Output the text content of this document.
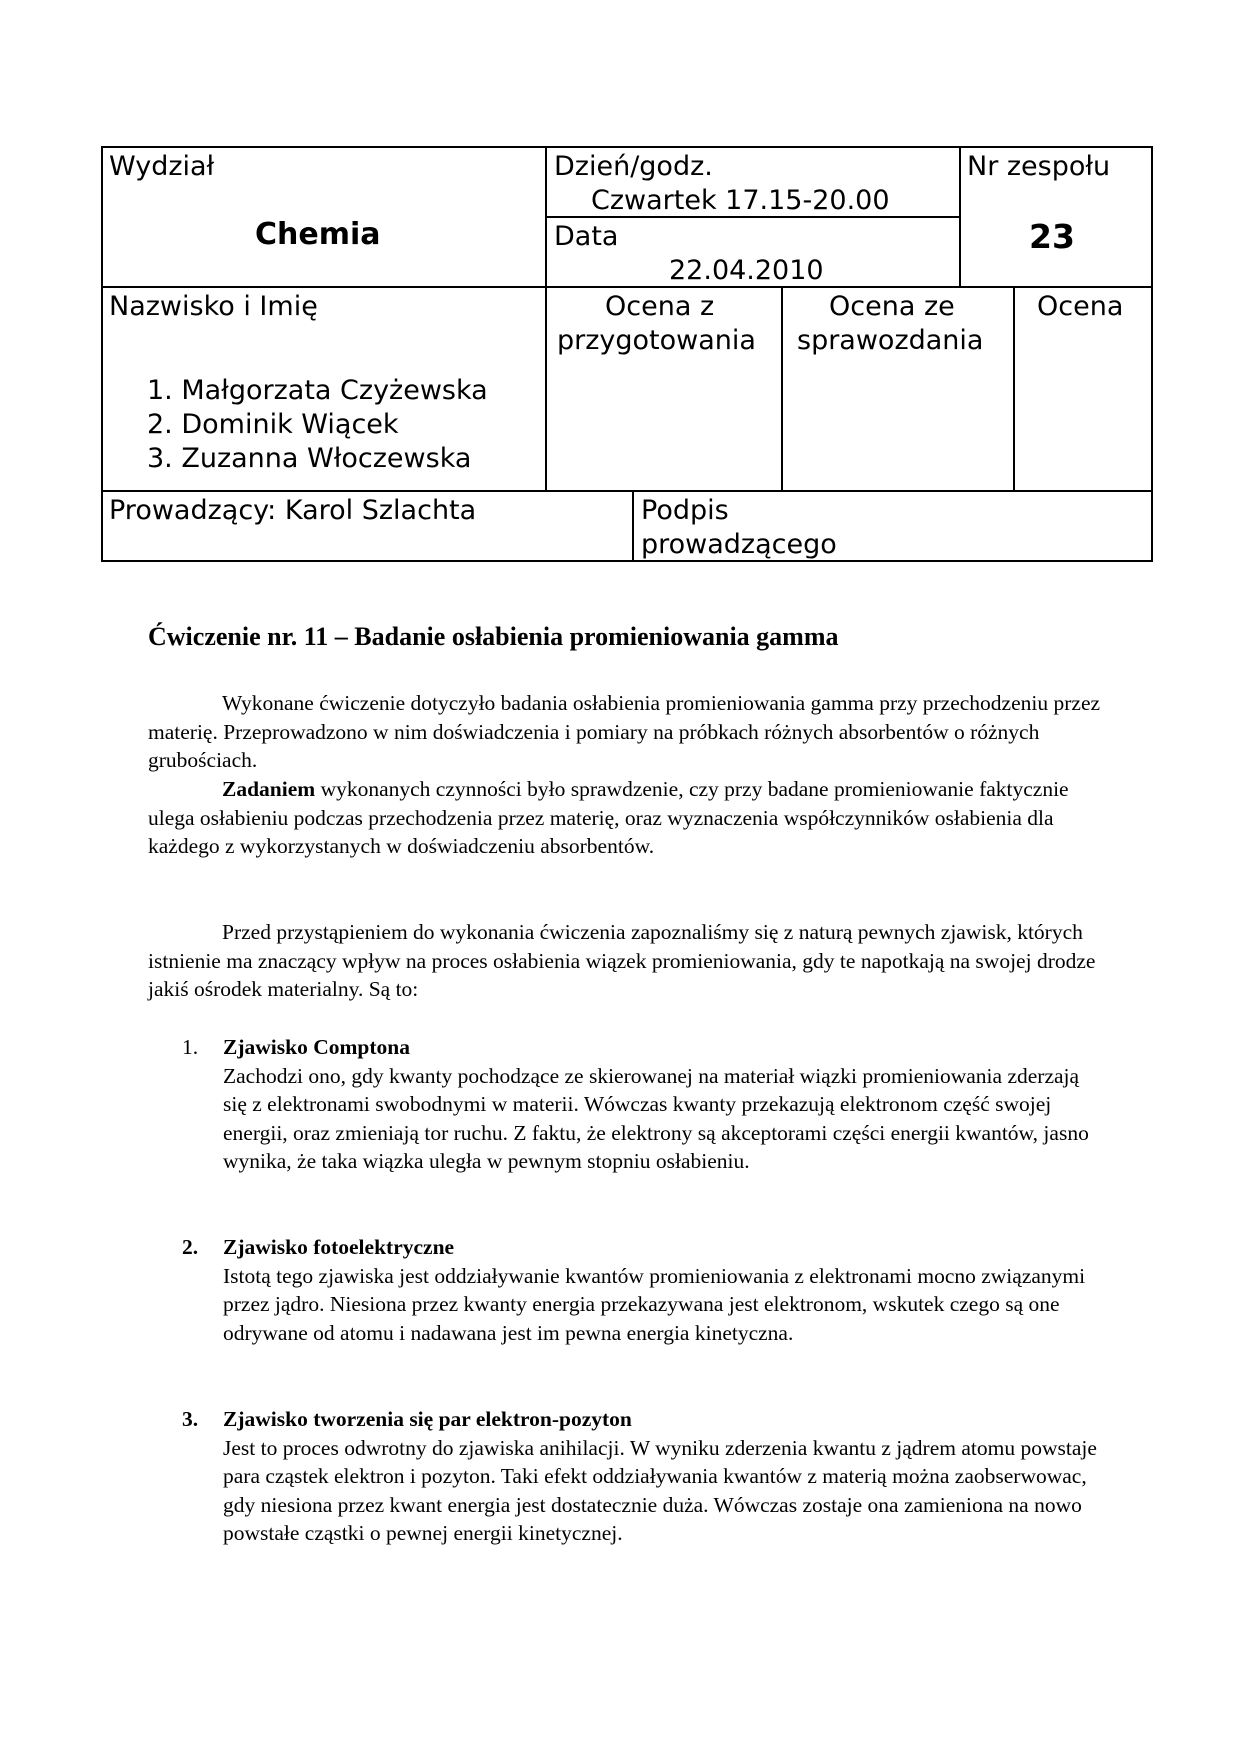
Wydział
Chemia
Dzień/godz.
Czwartek 17.15-20.00
Data
22.04.2010
Nr zespołu
23
Nazwisko i Imię
1. Małgorzata Czyżewska
2. Dominik Wiącek
3. Zuzanna Włoczewska
Ocena z
przygotowania
Ocena ze
sprawozdania
Ocena
Prowadzący: Karol Szlachta	Podpis
prowadzącego
Ćwiczenie nr. 11 – Badanie osłabienia promieniowania gamma
Wykonane ćwiczenie dotyczyło badania osłabienia promieniowania gamma przy przechodzeniu przez materię. Przeprowadzono w nim doświadczenia i pomiary na próbkach różnych absorbentów o różnych grubościach.
Zadaniem wykonanych czynności było sprawdzenie, czy przy badane promieniowanie faktycznie ulega osłabieniu podczas przechodzenia przez materię, oraz wyznaczenia współczynników osłabienia dla każdego z wykorzystanych w doświadczeniu absorbentów.
Przed przystąpieniem do wykonania ćwiczenia zapoznaliśmy się z naturą pewnych zjawisk, których istnienie ma znaczący wpływ na proces osłabienia wiązek promieniowania, gdy te napotkają na swojej drodze jakiś ośrodek materialny. Są to:
1. Zjawisko Comptona
Zachodzi ono, gdy kwanty pochodzące ze skierowanej na materiał wiązki promieniowania zderzają się z elektronami swobodnymi w materii. Wówczas kwanty przekazują elektronom część swojej energii, oraz zmieniają tor ruchu. Z faktu, że elektrony są akceptorami części energii kwantów, jasno wynika, że taka wiązka uległa w pewnym stopniu osłabieniu.
2. Zjawisko fotoelektryczne
Istotą tego zjawiska jest oddziaływanie kwantów promieniowania z elektronami mocno związanymi przez jądro. Niesiona przez kwanty energia przekazywana jest elektronom, wskutek czego są one odrywane od atomu i nadawana jest im pewna energia kinetyczna.
3. Zjawisko tworzenia się par elektron-pozyton
Jest to proces odwrotny do zjawiska anihilacji. W wyniku zderzenia kwantu z jądrem atomu powstaje para cząstek elektron i pozyton. Taki efekt oddziaływania kwantów z materią można zaobserwowac, gdy niesiona przez kwant energia jest dostatecznie duża. Wówczas zostaje ona zamieniona na nowo powstałe cząstki o pewnej energii kinetycznej.
